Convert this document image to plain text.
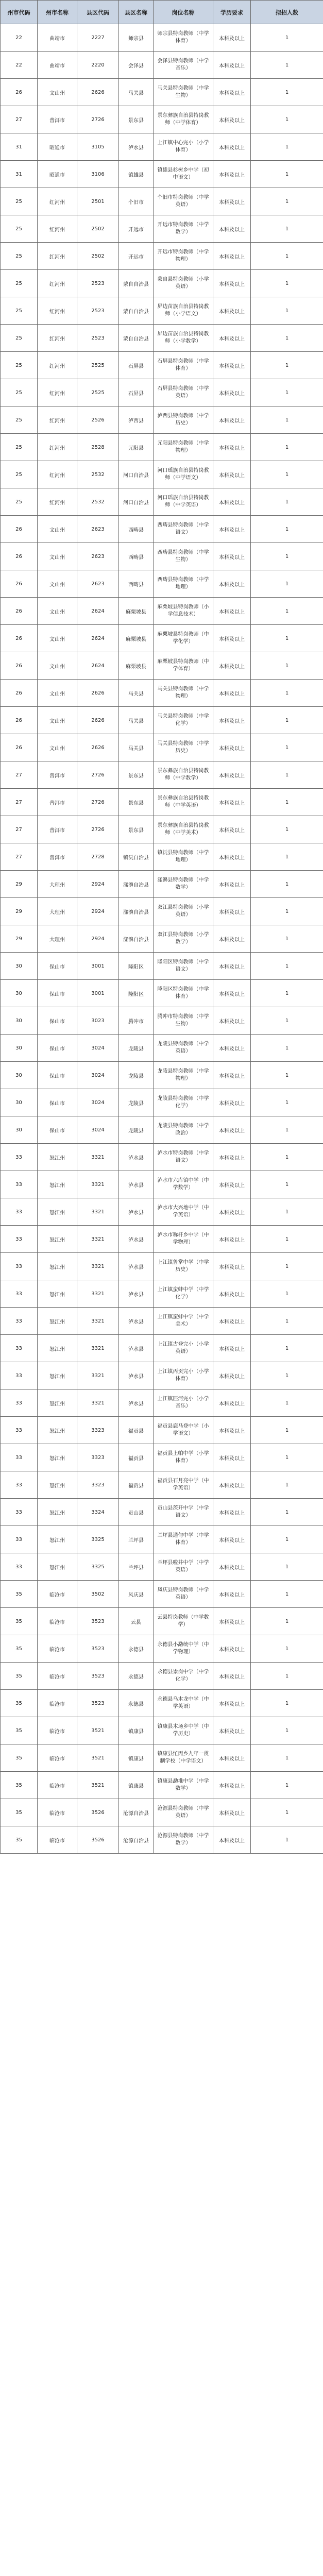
州市代码	州市名称	县区代码	县区名称	岗位名称	学历要求	拟招人数
22	曲靖市	2227	师宗县	师宗县特岗教师（中学体育）	本科及以上	1
22	曲靖市	2220	会泽县	会泽县特岗教师（中学音乐）	本科及以上	1
26	文山州	2626	马关县	马关县特岗教师（中学生物）	本科及以上	1
27	普洱市	2726	景东县	景东彝族自治县特岗教师（中学体育）	本科及以上	1
31	昭通市	3105	泸水县	上江镇中心完小（小学体育）	本科及以上	1
31	昭通市	3106	镇雄县	镇雄县杉树乡中学（初中语文）	本科及以上	1
25	红河州	2501	个旧市	个旧市特岗教师（中学英语）	本科及以上	1
25	红河州	2502	开远市	开远市特岗教师（中学数学）	本科及以上	1
25	红河州	2502	开远市	开远市特岗教师（中学物理）	本科及以上	1
25	红河州	2523	蒙自自治县	蒙自县特岗教师（小学英语）	本科及以上	1
25	红河州	2523	蒙自自治县	屏边苗族自治县特岗教师（小学语文）	本科及以上	1
25	红河州	2523	蒙自自治县	屏边苗族自治县特岗教师（小学数学）	本科及以上	1
25	红河州	2525	石屏县	石屏县特岗教师（中学体育）	本科及以上	1
25	红河州	2525	石屏县	石屏县特岗教师（中学英语）	本科及以上	1
25	红河州	2526	泸西县	泸西县特岗教师（中学历史）	本科及以上	1
25	红河州	2528	元阳县	元阳县特岗教师（中学物理）	本科及以上	1
25	红河州	2532	河口自治县	河口瑶族自治县特岗教师（中学语文）	本科及以上	1
25	红河州	2532	河口自治县	河口瑶族自治县特岗教师（中学英语）	本科及以上	1
26	文山州	2623	西畴县	西畴县特岗教师（中学语文）	本科及以上	1
26	文山州	2623	西畴县	西畴县特岗教师（中学生物）	本科及以上	1
26	文山州	2623	西畴县	西畴县特岗教师（中学地理）	本科及以上	1
26	文山州	2624	麻栗坡县	麻栗坡县特岗教师（小学信息技术）	本科及以上	1
26	文山州	2624	麻栗坡县	麻栗坡县特岗教师（中学化学）	本科及以上	1
26	文山州	2624	麻栗坡县	麻栗坡县特岗教师（中学体育）	本科及以上	1
26	文山州	2626	马关县	马关县特岗教师（中学物理）	本科及以上	1
26	文山州	2626	马关县	马关县特岗教师（中学化学）	本科及以上	1
26	文山州	2626	马关县	马关县特岗教师（中学历史）	本科及以上	1
27	普洱市	2726	景东县	景东彝族自治县特岗教师（中学数学）	本科及以上	1
27	普洱市	2726	景东县	景东彝族自治县特岗教师（中学英语）	本科及以上	1
27	普洱市	2726	景东县	景东彝族自治县特岗教师（中学美术）	本科及以上	1
27	普洱市	2728	镇沅自治县	镇沅县特岗教师（中学地理）	本科及以上	1
29	大理州	2924	漾濞自治县	漾濞县特岗教师（中学数学）	本科及以上	1
29	大理州	2924	漾濞自治县	双江县特岗教师（小学英语）	本科及以上	1
29	大理州	2924	漾濞自治县	双江县特岗教师（小学数学）	本科及以上	1
30	保山市	3001	隆阳区	隆阳区特岗教师（中学语文）	本科及以上	1
30	保山市	3001	隆阳区	隆阳区特岗教师（中学体育）	本科及以上	1
30	保山市	3023	腾冲市	腾冲市特岗教师（中学生物）	本科及以上	1
30	保山市	3024	龙陵县	龙陵县特岗教师（中学英语）	本科及以上	1
30	保山市	3024	龙陵县	龙陵县特岗教师（中学物理）	本科及以上	1
30	保山市	3024	龙陵县	龙陵县特岗教师（中学化学）	本科及以上	1
30	保山市	3024	龙陵县	龙陵县特岗教师（中学政治）	本科及以上	1
33	怒江州	3321	泸水县	泸水市特岗教师（中学语文）	本科及以上	1
33	怒江州	3321	泸水县	泸水市六库镇中学（中学数学）	本科及以上	1
33	怒江州	3321	泸水县	泸水市大兴地中学（中学英语）	本科及以上	1
33	怒江州	3321	泸水县	泸水市称杆乡中学（中学物理）	本科及以上	1
33	怒江州	3321	泸水县	上江镇鲁掌中学（中学历史）	本科及以上	1
33	怒江州	3321	泸水县	上江镇蛮蚌中学（中学化学）	本科及以上	1
33	怒江州	3321	泸水县	上江镇蛮蚌中学（中学美术）	本科及以上	1
33	怒江州	3321	泸水县	上江镇古登完小（小学英语）	本科及以上	1
33	怒江州	3321	泸水县	上江镇丙贡完小（小学体育）	本科及以上	1
33	怒江州	3321	泸水县	上江镇匹河完小（小学音乐）	本科及以上	1
33	怒江州	3323	福贡县	福贡县鹿马登中学（小学语文）	本科及以上	1
33	怒江州	3323	福贡县	福贡县上帕中学（小学体育）	本科及以上	1
33	怒江州	3323	福贡县	福贡县石月亮中学（中学英语）	本科及以上	1
33	怒江州	3324	贡山县	贡山县茨开中学（中学语文）	本科及以上	1
33	怒江州	3325	兰坪县	兰坪县通甸中学（中学体育）	本科及以上	1
33	怒江州	3325	兰坪县	兰坪县啦井中学（中学英语）	本科及以上	1
35	临沧市	3502	风庆县	凤庆县特岗教师（中学英语）	本科及以上	1
35	临沧市	3523	云县	云县特岗教师（中学数学）	本科及以上	1
35	临沧市	3523	永德县	永德县小勐统中学（中学物理）	本科及以上	1
35	临沧市	3523	永德县	永德县崇岗中学（中学化学）	本科及以上	1
35	临沧市	3523	永德县	永德县乌木龙中学（中学英语）	本科及以上	1
35	临沧市	3521	镇康县	镇康县木场乡中学（中学历史）	本科及以上	1
35	临沧市	3521	镇康县	镇康县忙丙乡九年一贯制学校（中学语文）	本科及以上	1
35	临沧市	3521	镇康县	镇康县勐堆中学（中学数学）	本科及以上	1
35	临沧市	3526	沧源自治县	沧源县特岗教师（中学英语）	本科及以上	1
35	临沧市	3526	沧源自治县	沧源县特岗教师（中学数学）	本科及以上	1
